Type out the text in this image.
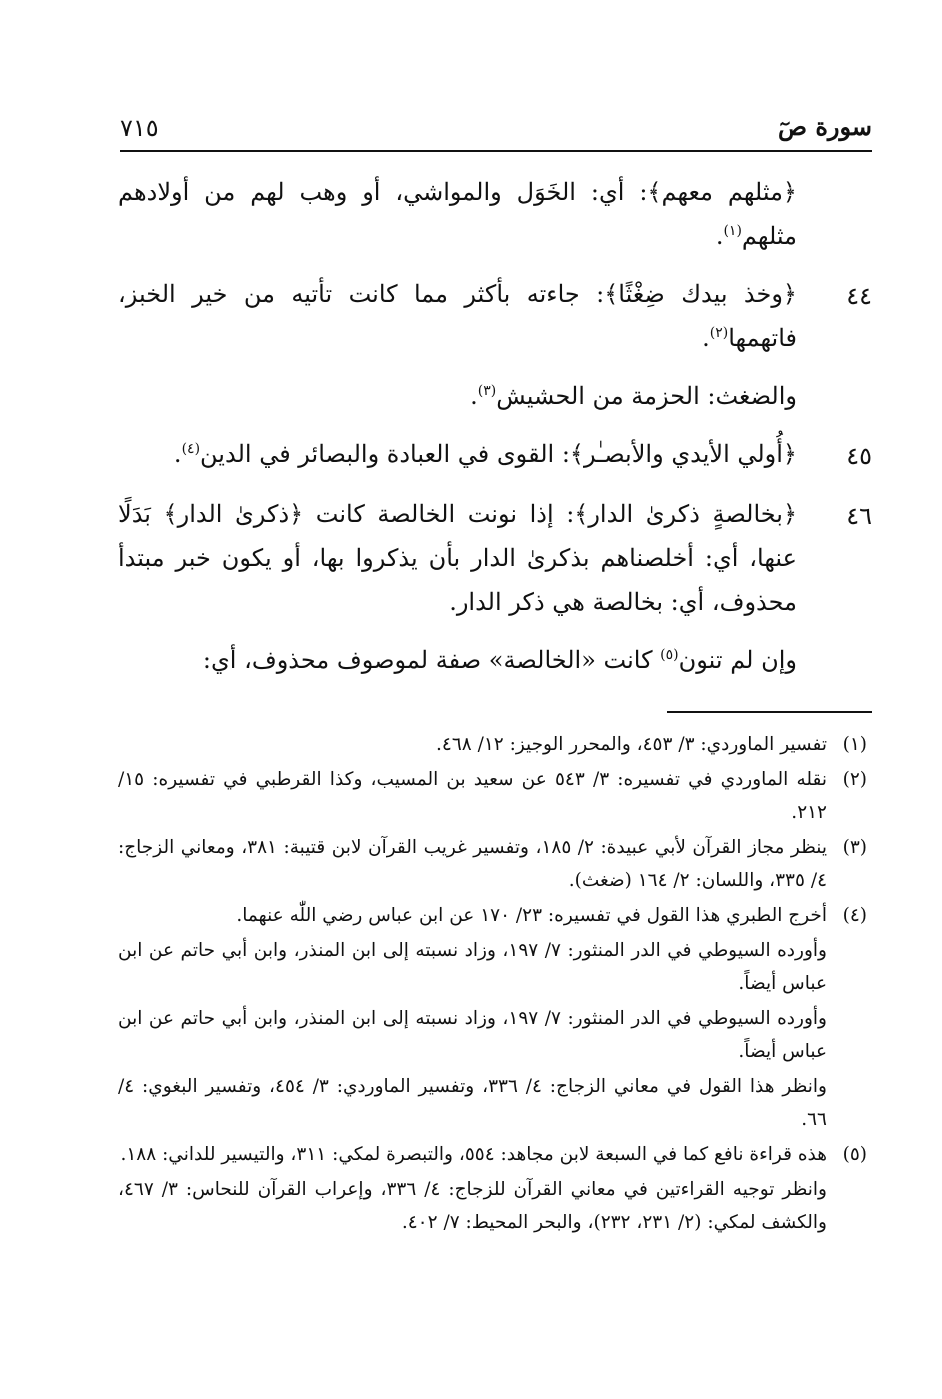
سورة صٓ
٧١٥
﴿مثلهم معهم﴾: أي: الخَوَل والمواشي، أو وهب لهم من أولادهم مثلهم$^{(١)}$.
٤٤
﴿وخذ بيدك ضِغْثًا﴾: جاءته بأكثر مما كانت تأتيه من خير الخبز، فاتهمها$^{(٢)}$.
والضغث: الحزمة من الحشيش$^{(٣)}$.
٤٥
﴿أُولي الأيدي والأبصـٰر﴾: القوى في العبادة والبصائر في الدين$^{(٤)}$.
٤٦
﴿بخالصةٍ ذكرىٰ الدار﴾: إذا نونت الخالصة كانت ﴿ذكرىٰ الدار﴾ بَدَلًا عنها، أي: أخلصناهم بذكرىٰ الدار بأن يذكروا بها، أو يكون خبر مبتدأ محذوف، أي: بخالصة هي ذكر الدار.
وإن لم تنون$^{(٥)}$ كانت «الخالصة» صفة لموصوف محذوف، أي:
(١)

تفسير الماوردي: ٣/ ٤٥٣، والمحرر الوجيز: ١٢/ ٤٦٨.

(٢)

نقله الماوردي في تفسيره: ٣/ ٥٤٣ عن سعيد بن المسيب، وكذا القرطبي في تفسيره: ١٥/ ٢١٢.

(٣)

ينظر مجاز القرآن لأبي عبيدة: ٢/ ١٨٥، وتفسير غريب القرآن لابن قتيبة: ٣٨١، ومعاني الزجاج: ٤/ ٣٣٥، واللسان: ٢/ ١٦٤ (ضغث).

(٤)

أخرج الطبري هذا القول في تفسيره: ٢٣/ ١٧٠ عن ابن عباس رضي اللّٰه عنهما.

وأورده السيوطي في الدر المنثور: ٧/ ١٩٧، وزاد نسبته إلى ابن المنذر، وابن أبي حاتم عن ابن عباس أيضاً.

وأورده السيوطي في الدر المنثور: ٧/ ١٩٧، وزاد نسبته إلى ابن المنذر، وابن أبي حاتم عن ابن عباس أيضاً.

وانظر هذا القول في معاني الزجاج: ٤/ ٣٣٦، وتفسير الماوردي: ٣/ ٤٥٤، وتفسير البغوي: ٤/ ٦٦.

(٥)

هذه قراءة نافع كما في السبعة لابن مجاهد: ٥٥٤، والتبصرة لمكي: ٣١١، والتيسير للداني: ١٨٨.

وانظر توجيه القراءتين في معاني القرآن للزجاج: ٤/ ٣٣٦، وإعراب القرآن للنحاس: ٣/ ٤٦٧، والكشف لمكي: (٢/ ٢٣١، ٢٣٢)، والبحر المحيط: ٧/ ٤٠٢.
